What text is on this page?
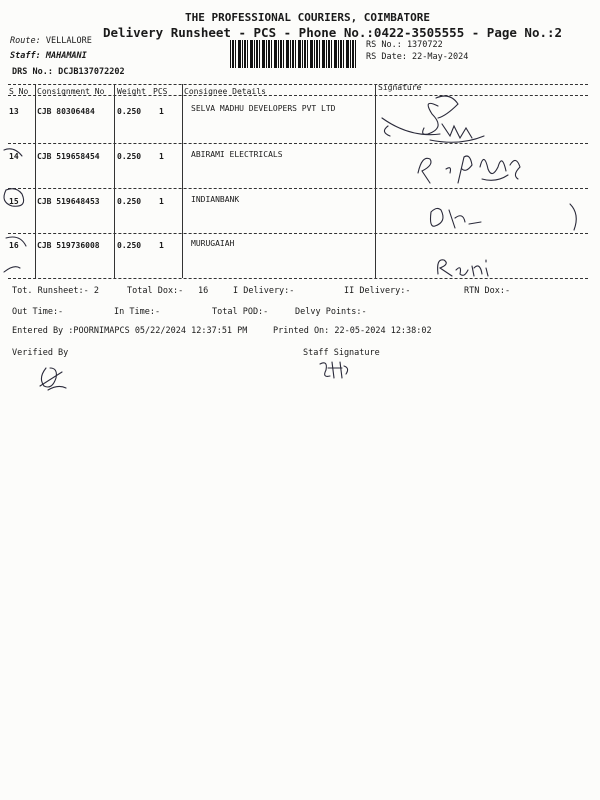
THE PROFESSIONAL COURIERS, COIMBATORE
Delivery Runsheet - PCS - Phone No.:0422-3505555 - Page No.:2
Route: VELLALORE
Staff: MAHAMANI
DRS No.: DCJB137072202
RS No.: 1370722
RS Date: 22-May-2024
S No Consignment No Weight PCS Consignee Details	Signature
13 CJB 80306484	0.250 1	SELVA MADHU DEVELOPERS PVT LTD
14 CJB 519658454 0.250 1	ABIRAMI ELECTRICALS
15 CJB 519648453 0.250 1	INDIANBANK
16 CJB 519736008 0.250 1	MURUGAIAH
Tot. Runsheet:- 2	Total Dox:- 16	I Delivery:-	II Delivery:-	RTN Dox:-
Out Time:-	In Time:-	Total POD:-	Delvy Points:-
Entered By :POORNIMAPCS 05/22/2024 12:37:51 PM	Printed On: 22-05-2024 12:38:02
Verified By	Staff Signature
